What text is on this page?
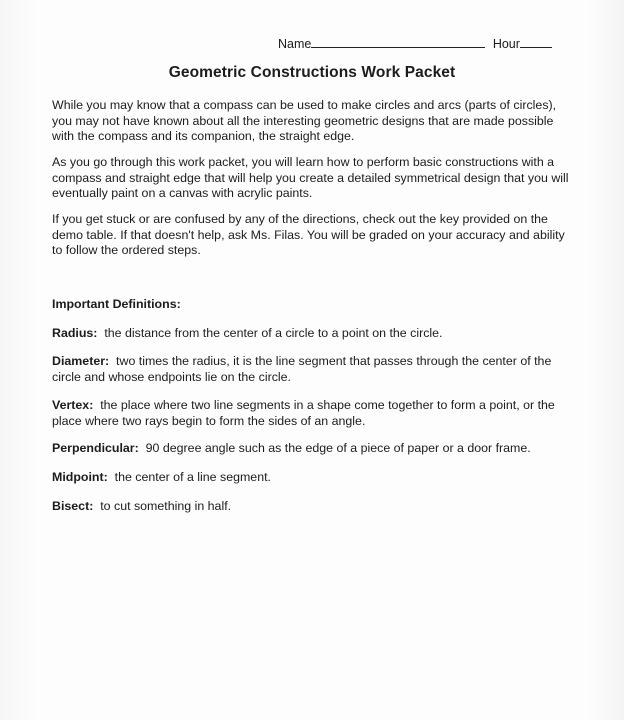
Name	Hour
Geometric Constructions Work Packet
While you may know that a compass can be used to make circles and arcs (parts of circles), you may not have known about all the interesting geometric designs that are made possible with the compass and its companion, the straight edge.
As you go through this work packet, you will learn how to perform basic constructions with a compass and straight edge that will help you create a detailed symmetrical design that you will eventually paint on a canvas with acrylic paints.
If you get stuck or are confused by any of the directions, check out the key provided on the demo table. If that doesn't help, ask Ms. Filas. You will be graded on your accuracy and ability to follow the ordered steps.
Important Definitions:
Radius: the distance from the center of a circle to a point on the circle.
Diameter: two times the radius, it is the line segment that passes through the center of the circle and whose endpoints lie on the circle.
Vertex: the place where two line segments in a shape come together to form a point, or the place where two rays begin to form the sides of an angle.
Perpendicular: 90 degree angle such as the edge of a piece of paper or a door frame.
Midpoint: the center of a line segment.
Bisect: to cut something in half.
